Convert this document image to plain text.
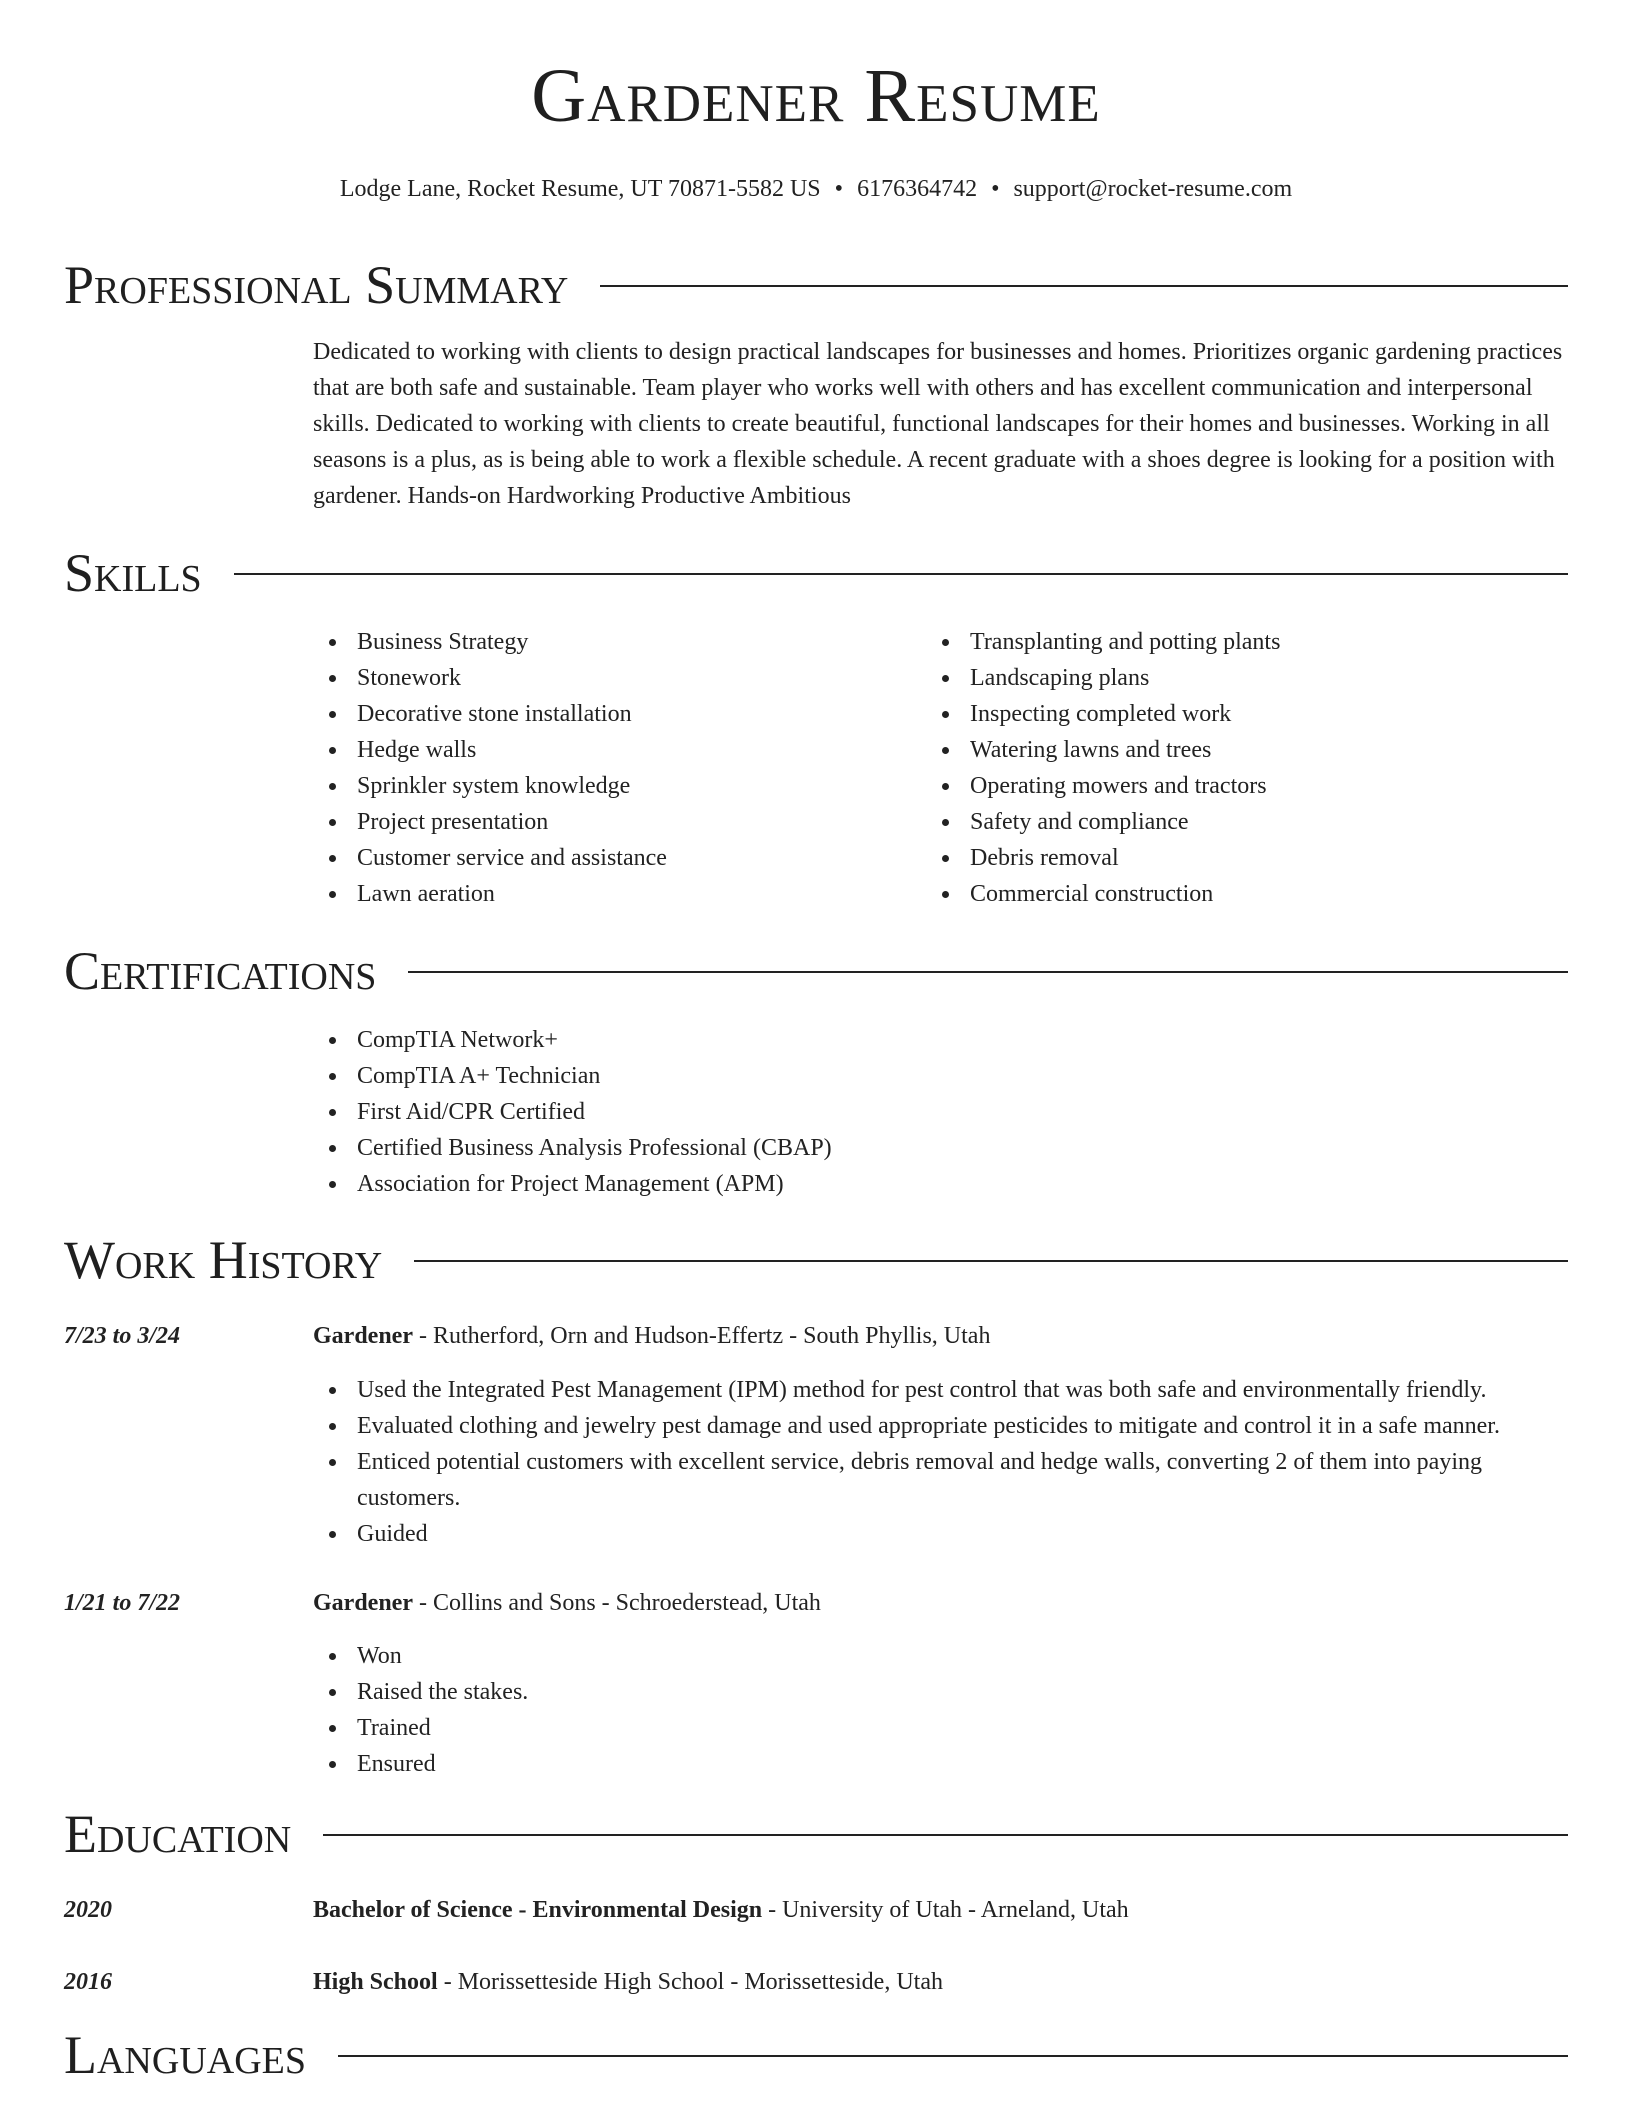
Gardener Resume
Lodge Lane, Rocket Resume, UT 70871-5582 US • 6176364742 • support@rocket-resume.com
Professional Summary
Dedicated to working with clients to design practical landscapes for businesses and homes. Prioritizes organic gardening practices that are both safe and sustainable. Team player who works well with others and has excellent communication and interpersonal skills. Dedicated to working with clients to create beautiful, functional landscapes for their homes and businesses. Working in all seasons is a plus, as is being able to work a flexible schedule. A recent graduate with a shoes degree is looking for a position with gardener. Hands-on Hardworking Productive Ambitious
Skills
Business Strategy
Stonework
Decorative stone installation
Hedge walls
Sprinkler system knowledge
Project presentation
Customer service and assistance
Lawn aeration
Transplanting and potting plants
Landscaping plans
Inspecting completed work
Watering lawns and trees
Operating mowers and tractors
Safety and compliance
Debris removal
Commercial construction
Certifications
CompTIA Network+
CompTIA A+ Technician
First Aid/CPR Certified
Certified Business Analysis Professional (CBAP)
Association for Project Management (APM)
Work History
7/23 to 3/24	Gardener - Rutherford, Orn and Hudson-Effertz - South Phyllis, Utah
Used the Integrated Pest Management (IPM) method for pest control that was both safe and environmentally friendly.
Evaluated clothing and jewelry pest damage and used appropriate pesticides to mitigate and control it in a safe manner.
Enticed potential customers with excellent service, debris removal and hedge walls, converting 2 of them into paying customers.
Guided
1/21 to 7/22	Gardener - Collins and Sons - Schroederstead, Utah
Won
Raised the stakes.
Trained
Ensured
Education
2020	Bachelor of Science - Environmental Design - University of Utah - Arneland, Utah
2016	High School - Morissetteside High School - Morissetteside, Utah
Languages
